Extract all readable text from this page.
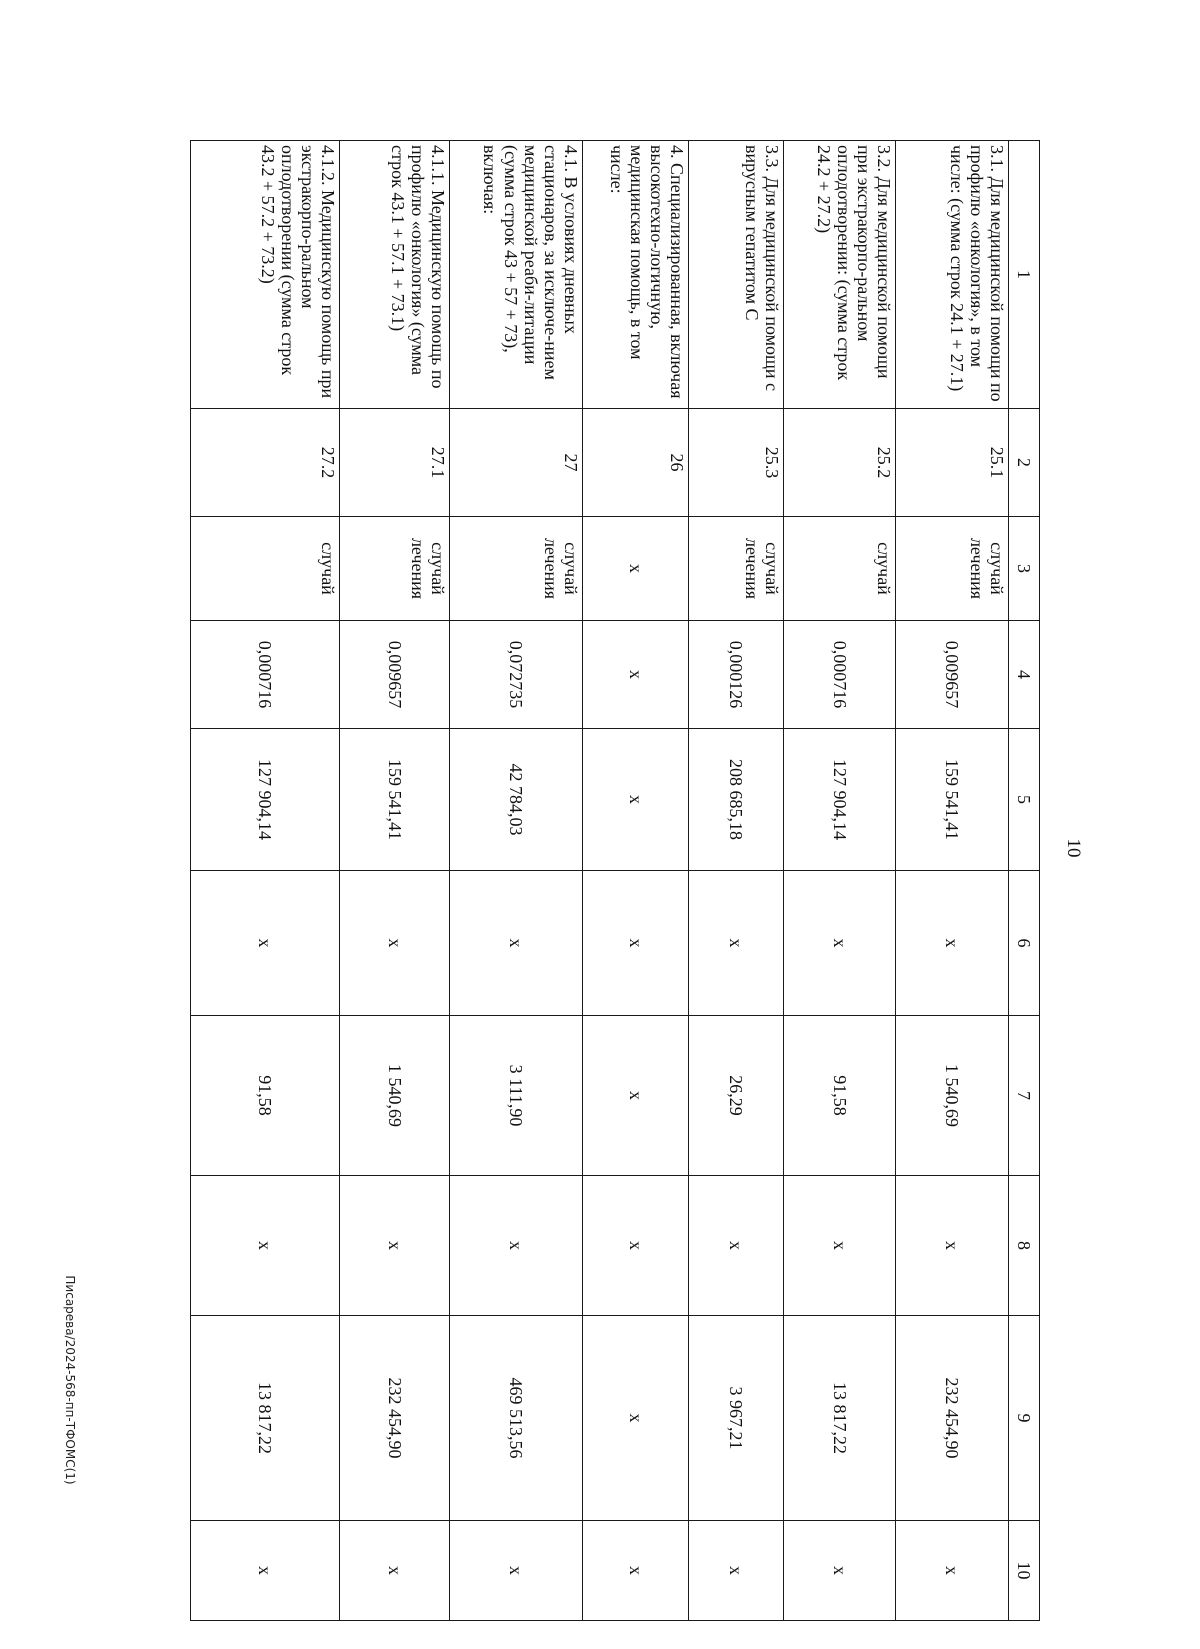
10
1	2	3	4	5	6	7	8	9	10
3.1. Для медицинской помощи по профилю «онкология», в том числе: (сумма строк 24.1 + 27.1)	25.1	случай лечения	0,009657	159 541,41	x	1 540,69	x	232 454,90	x
3.2. Для медицинской помощи при экстракорпо-ральном оплодотворении: (сумма строк 24.2 + 27.2)	25.2	случай	0,000716	127 904,14	x	91,58	x	13 817,22	x
3.3. Для медицинской помощи с вирусным гепатитом С	25.3	случай лечения	0,000126	208 685,18	x	26,29	x	3 967,21	x
4. Специализированная, включая высокотехно-логичную, медицинская помощь, в том числе:	26	x	x	x	x	x	x	x	x
4.1. В условиях дневных стационаров, за исключе-нием медицинской реаби-литации (сумма строк 43 + 57 + 73), включая:	27	случай лечения	0,072735	42 784,03	x	3 111,90	x	469 513,56	x
4.1.1. Медицинскую помощь по профилю «онкология» (сумма строк 43.1 + 57.1 + 73.1)	27.1	случай лечения	0,009657	159 541,41	x	1 540,69	x	232 454,90	x
4.1.2. Медицинскую помощь при экстракорпо-ральном оплодотворении (сумма строк 43.2 + 57.2 + 73.2)	27.2	случай	0,000716	127 904,14	x	91,58	x	13 817,22	x
Писарева/2024-568-пп-ТФОМС(1)
